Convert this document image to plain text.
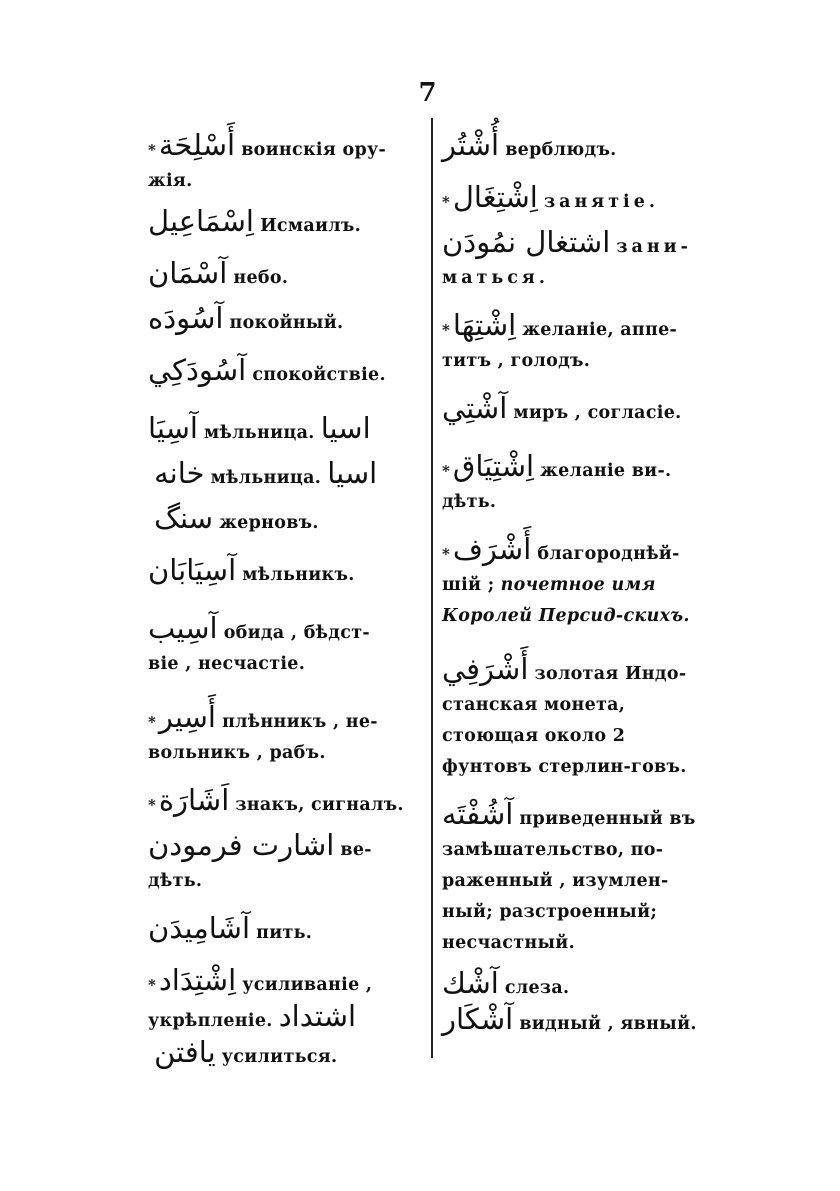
7

* أَسْلِحَة воинскія ору-
жія.

اِسْمَاعِيل Исмаилъ.

آسْمَان небо.

آسُودَه покойный.

آسُودَكِي спокойствіе.

آسِيَا мѣльница. اسيا

خانه мѣльница. اسيا

سنگ жерновъ.

آسِيَابَان мѣльникъ.

آسِيب обида , бѣдст-
віе , несчастіе.

* أَسِير плѣнникъ , не-
вольникъ , рабъ.

* اَشَارَة знакъ, сигналъ.

اشارت فرمودن ве-
дѣть.

آشَامِيدَن пить.

* اِشْتِدَاد усиливаніе ,
укрѣпленіе. اشتداد

يافتن усилиться.

أُشْتُر верблюдъ.

* اِشْتِغَال занятіе.

اشتغال نمُودَن зани-
маться.

* اِشْتِهَا желаніе, аппе-
титъ , голодъ.

آشْتِي миръ , согласіе.

* اِشْتِيَاق желаніе ви-.
дѣть.

* أَشْرَف благороднѣй-
шій ; почетное имя Королей Персид-скихъ.

أَشْرَفِي золотая Индо-
станская монета, стоющая около 2 фунтовъ стерлин-говъ.

آشُفْتَه приведенный въ
замѣшательство, по-раженный , изумлен-ный; разстроенный; несчастный.

آشْك слеза.

آشْكَار видный , явный.
